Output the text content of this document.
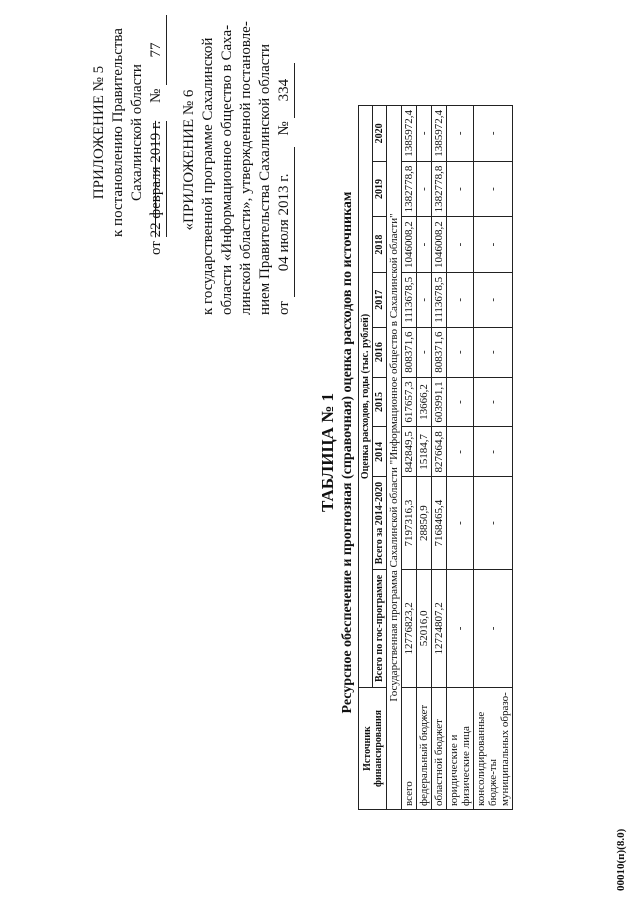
ПРИЛОЖЕНИЕ № 5 к постановлению Правительства Сахалинской области
от 22 февраля 2019 г. № 77
«ПРИЛОЖЕНИЕ № 6 к государственной программе Сахалинской области «Информационное общество в Саха- линской области», утвержденной постановле- нием Правительства Сахалинской области от 04 июля 2013 г. № 334
ТАБЛИЦА № 1 Ресурсное обеспечение и прогнозная (справочная) оценка расходов по источникам
Источник финансирования	Оценка расходов, годы (тыс. рублей)								
	Всего по гос-программе	Всего за 2014-2020	2014	2015	2016	2017	2018	2019	2020
Государственная программа Сахалинской области "Информационное общество в Сахалинской области"									
всего	12776823,2	7197316,3	842849,5	617657,3	808371,6	1113678,5	1046008,2	1382778,8	1385972,4
федеральный бюджет	52016,0	28850,9	15184,7	13666,2	-	-	-	-	-
областной бюджет	12724807,2	7168465,4	827664,8	603991,1	808371,6	1113678,5	1046008,2	1382778,8	1385972,4
юридические и физические лица	-	-	-	-	-	-	-	-	-
консолидированные бюдже-ты муниципальных образо-	-	-	-	-	-	-	-	-	-
00010(п)(8.0)
